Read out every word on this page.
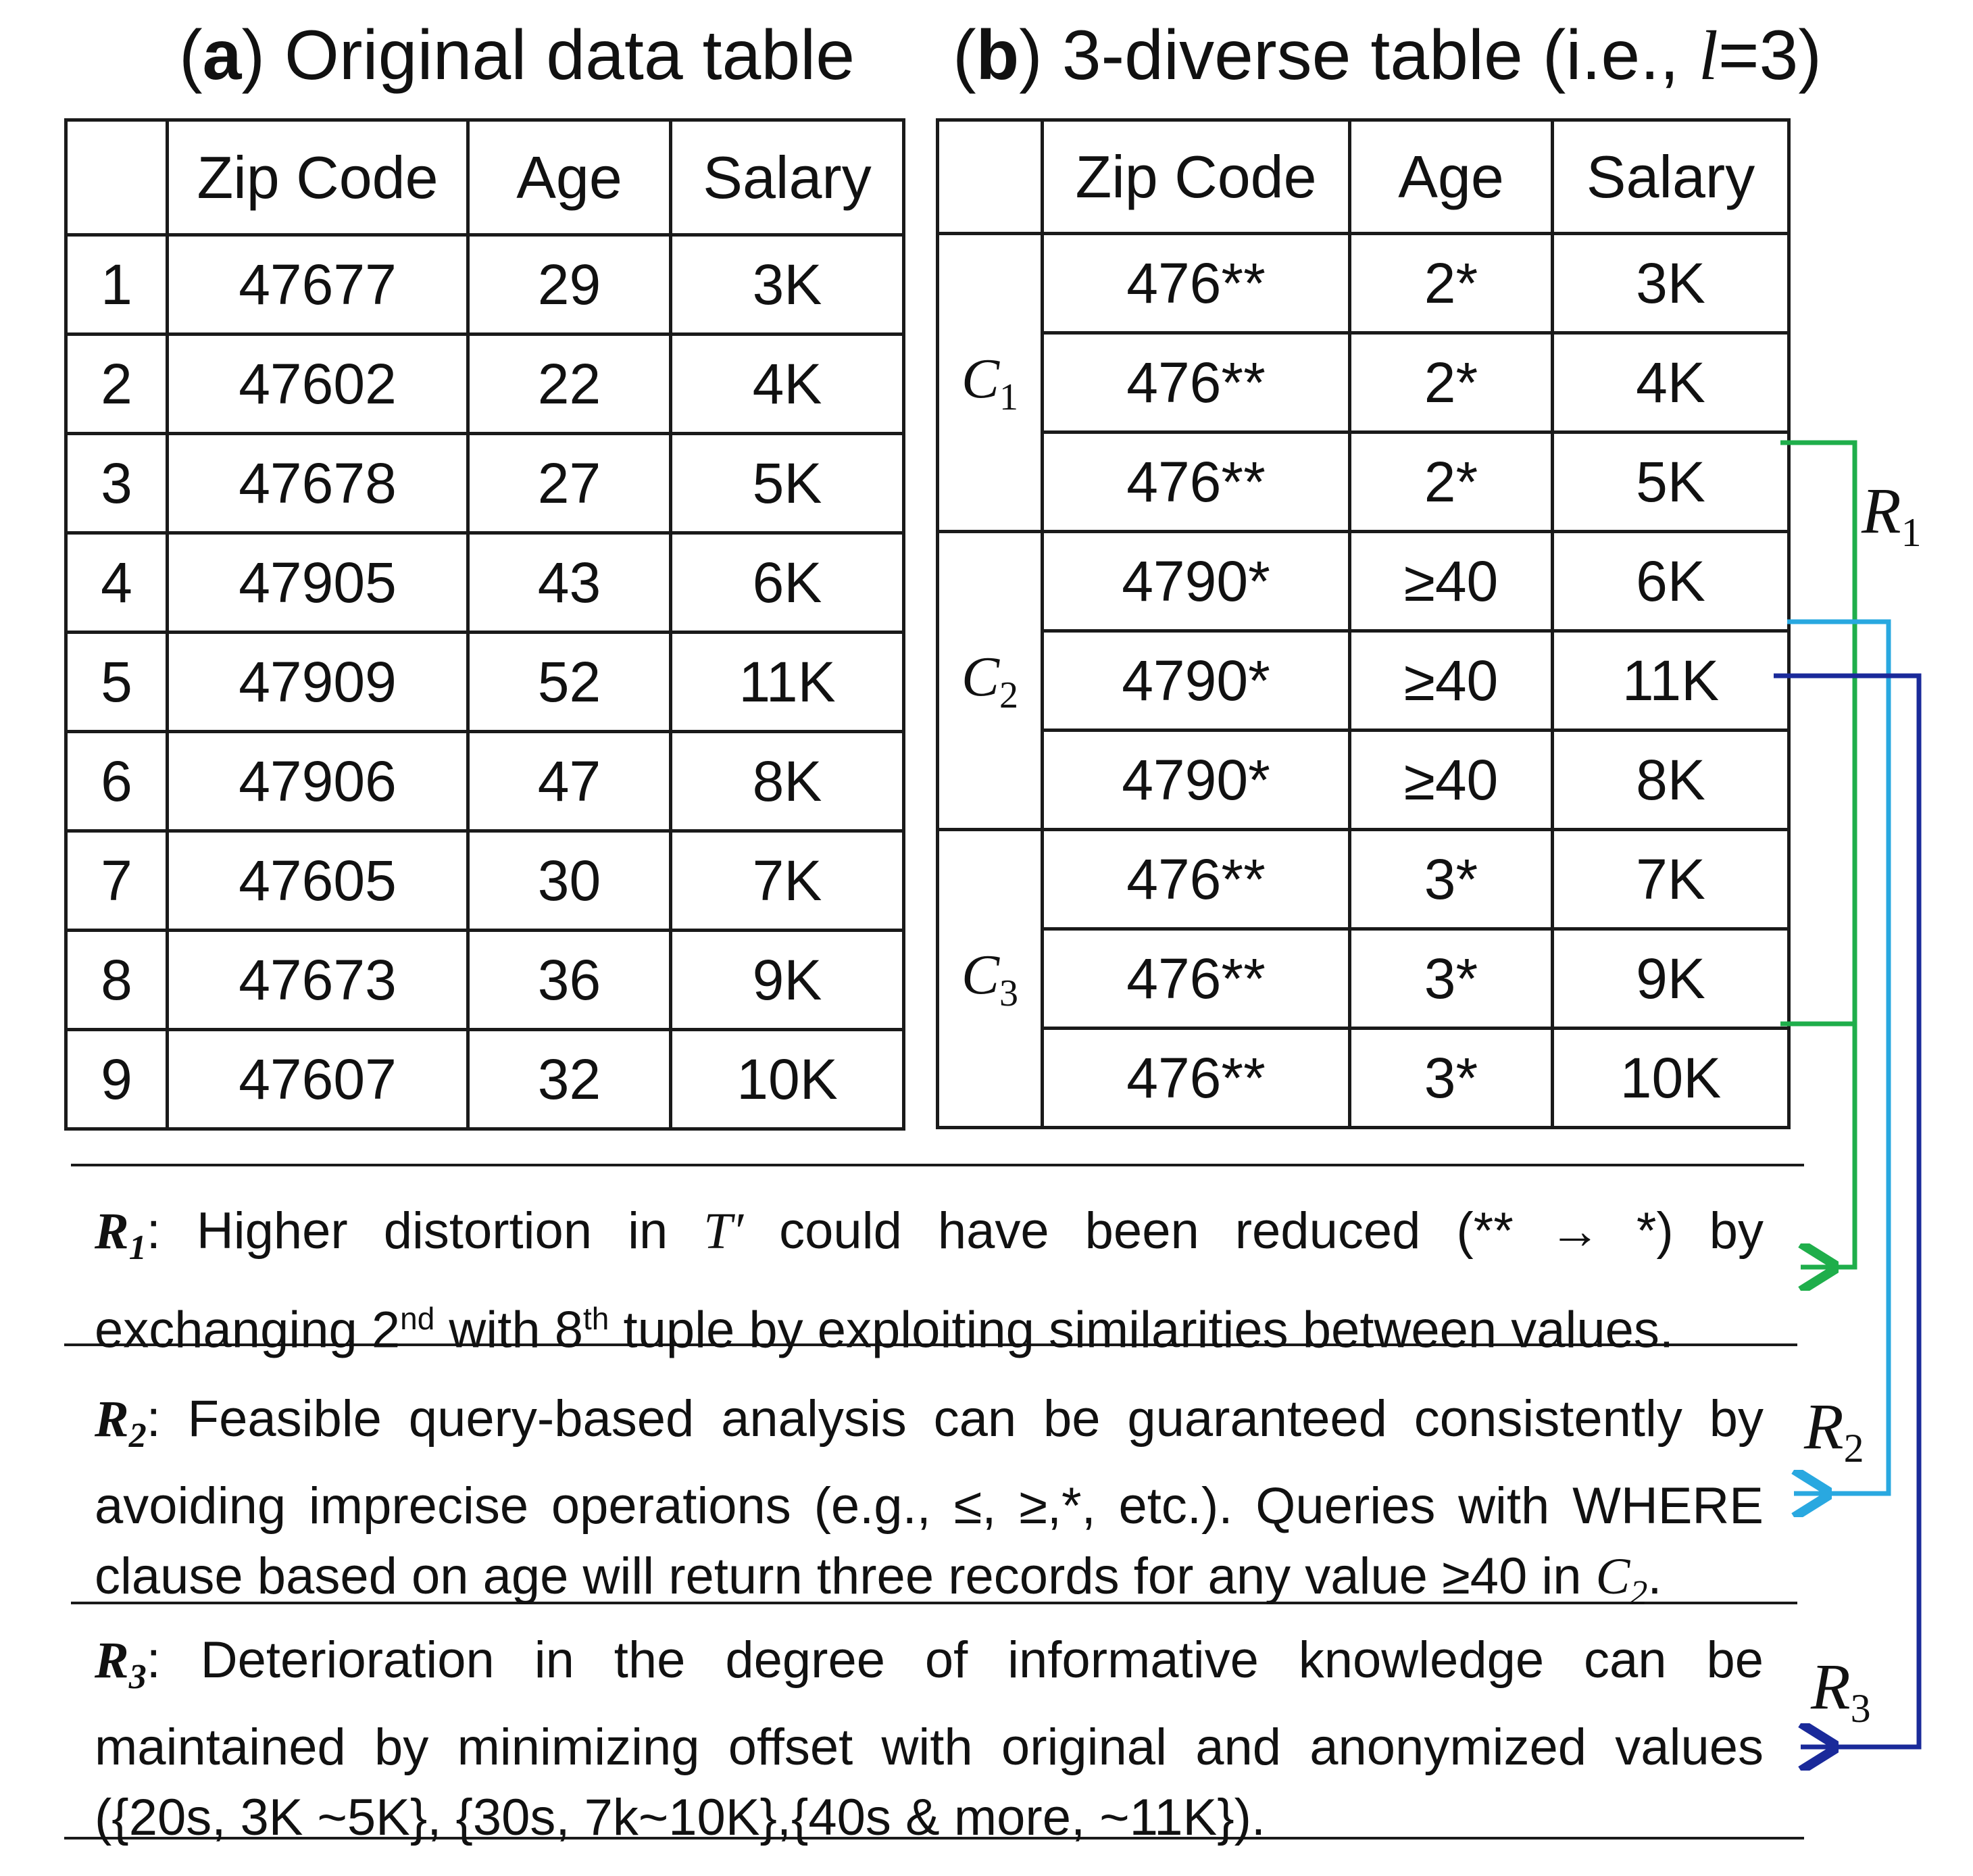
(a) Original data table (b) 3-diverse table (i.e., l=3)
	Zip Code	Age	Salary
1	47677	29	3K
2	47602	22	4K
3	47678	27	5K
4	47905	43	6K
5	47909	52	11K
6	47906	47	8K
7	47605	30	7K
8	47673	36	9K
9	47607	32	10K
	Zip Code	Age	Salary
$C_1$	476**	2*	3K
	476**	2*	4K
	476**	2*	5K
$C_2$	4790*	≥40	6K
	4790*	≥40	11K
	4790*	≥40	8K
$C_3$	476**	3*	7K
	476**	3*	9K
	476**	3*	10K
$R_1$
$R_2$
$R_3$
$R_1$: Higher distortion in T′ could have been reduced (** → *) by exchanging 2nd with 8th tuple by exploiting similarities between values.
$R_2$: Feasible query-based analysis can be guaranteed consistently by avoiding imprecise operations (e.g., ≤, ≥,*, etc.). Queries with WHERE clause based on age will return three records for any value ≥40 in $C_2$.
$R_3$: Deterioration in the degree of informative knowledge can be maintained by minimizing offset with original and anonymized values ({20s, 3K ~5K}, {30s, 7k~10K},{40s & more, ~11K}).
